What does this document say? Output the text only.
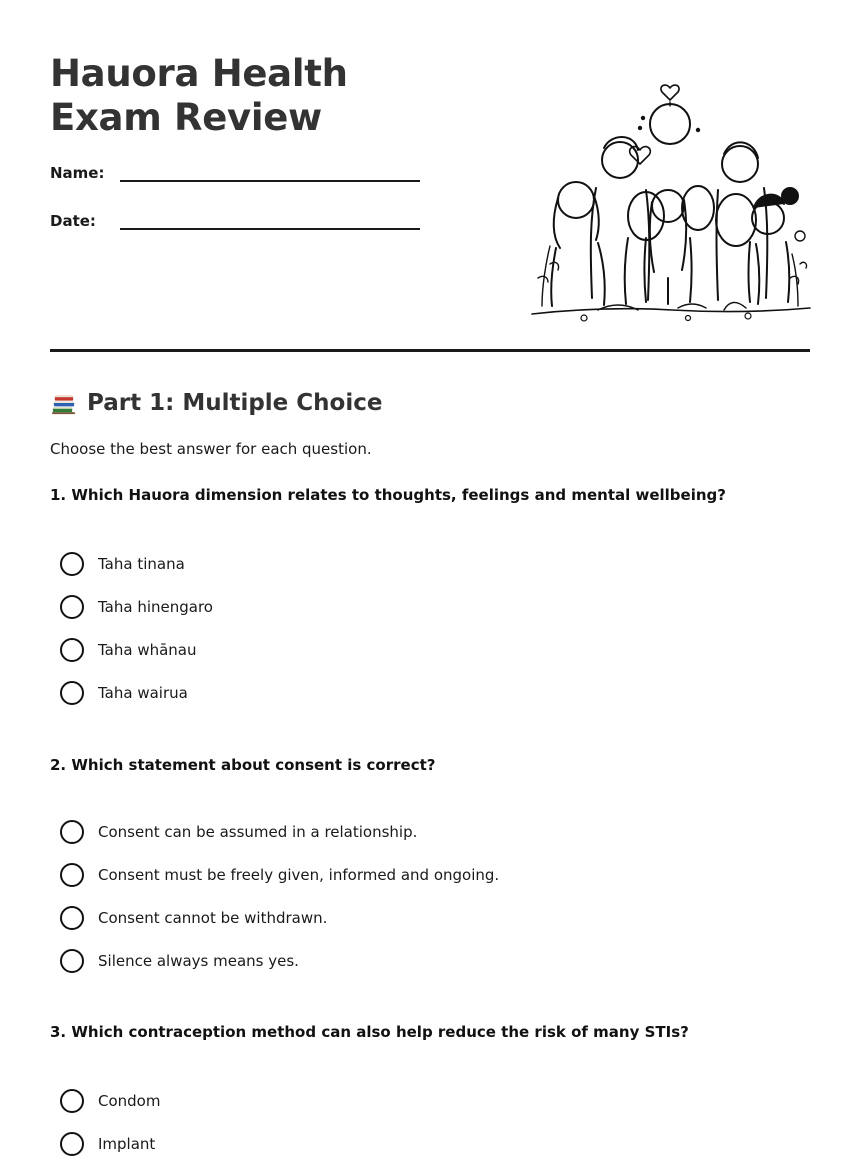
Hauora Health Exam Review
Name:
Date:
Part 1: Multiple Choice
Choose the best answer for each question.
1. Which Hauora dimension relates to thoughts, feelings and mental wellbeing?
Taha tinana
Taha hinengaro
Taha whānau
Taha wairua
2. Which statement about consent is correct?
Consent can be assumed in a relationship.
Consent must be freely given, informed and ongoing.
Consent cannot be withdrawn.
Silence always means yes.
3. Which contraception method can also help reduce the risk of many STIs?
Condom
Implant
